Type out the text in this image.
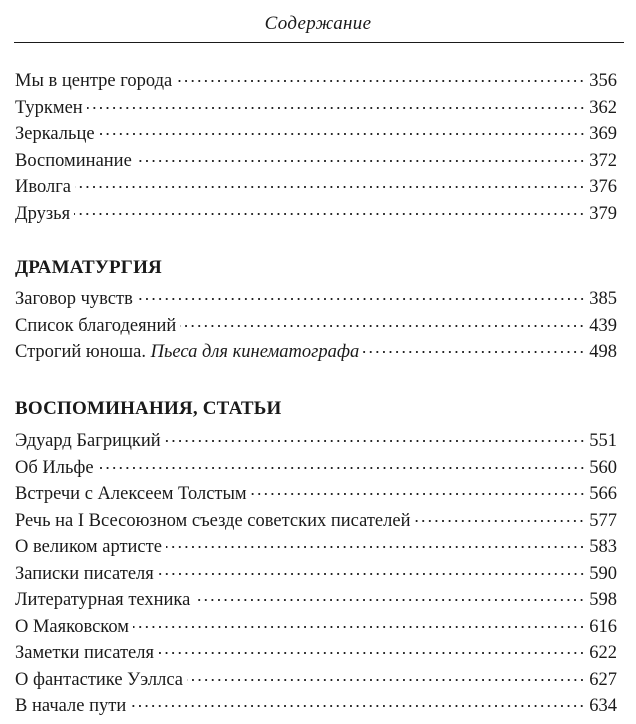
Содержание
Мы в центре города	356
Туркмен	362
Зеркальце	369
Воспоминание	372
Иволга	376
Друзья	379
ДРАМАТУРГИЯ
Заговор чувств	385
Список благодеяний	439
Строгий юноша. Пьеса для кинематографа	498
ВОСПОМИНАНИЯ, СТАТЬИ
Эдуард Багрицкий	551
Об Ильфе	560
Встречи с Алексеем Толстым	566
Речь на I Всесоюзном съезде советских писателей	577
О великом артисте	583
Записки писателя	590
Литературная техника	598
О Маяковском	616
Заметки писателя	622
О фантастике Уэллса	627
В начале пути	634
